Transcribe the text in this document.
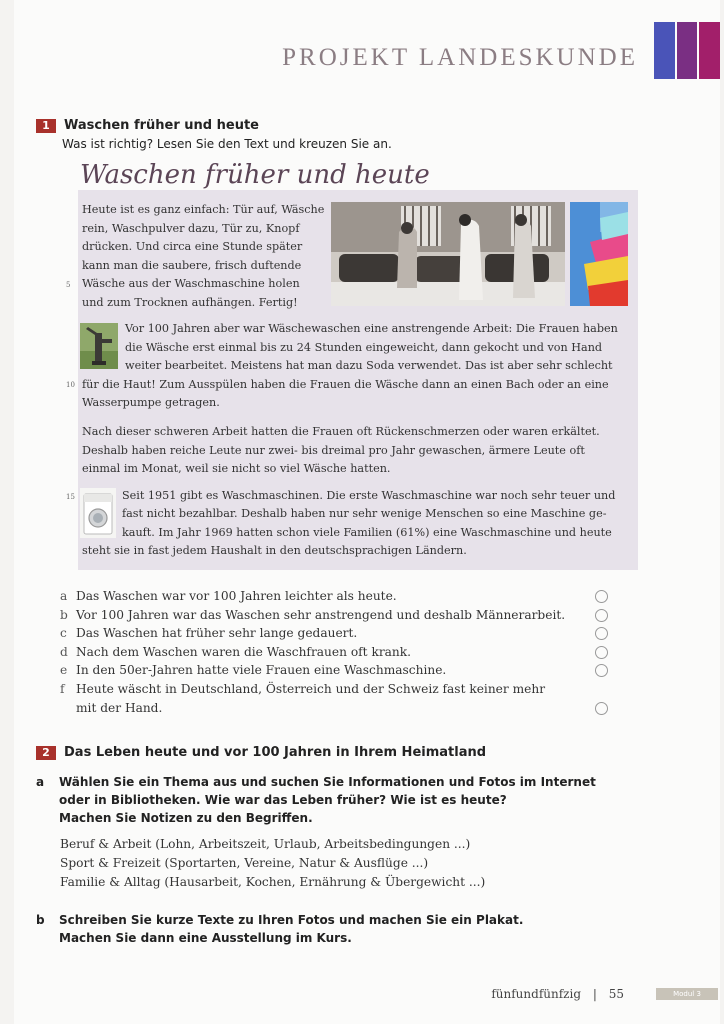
PROJEKT LANDESKUNDE
1	Waschen früher und heute
Was ist richtig? Lesen Sie den Text und kreuzen Sie an.
Waschen früher und heute
Heute ist es ganz einfach: Tür auf, Wäsche
rein, Waschpulver dazu, Tür zu, Knopf
drücken. Und circa eine Stunde später
kann man die saubere, frisch duftende
Wäsche aus der Waschmaschine holen
und zum Trocknen aufhängen. Fertig!
5
Vor 100 Jahren aber war Wäschewaschen eine anstrengende Arbeit: Die Frauen haben
die Wäsche erst einmal bis zu 24 Stunden eingeweicht, dann gekocht und von Hand
weiter bearbeitet. Meistens hat man dazu Soda verwendet. Das ist aber sehr schlecht
für die Haut! Zum Ausspülen haben die Frauen die Wäsche dann an einen Bach oder an eine
Wasserpumpe getragen.
10
Nach dieser schweren Arbeit hatten die Frauen oft Rückenschmerzen oder waren erkältet.
Deshalb haben reiche Leute nur zwei- bis dreimal pro Jahr gewaschen, ärmere Leute oft
einmal im Monat, weil sie nicht so viel Wäsche hatten.
Seit 1951 gibt es Waschmaschinen. Die erste Waschmaschine war noch sehr teuer und
fast nicht bezahlbar. Deshalb haben nur sehr wenige Menschen so eine Maschine ge-
kauft. Im Jahr 1969 hatten schon viele Familien (61%) eine Waschmaschine und heute
steht sie in fast jedem Haushalt in den deutschsprachigen Ländern.
15
a Das Waschen war vor 100 Jahren leichter als heute.
b Vor 100 Jahren war das Waschen sehr anstrengend und deshalb Männerarbeit.
c Das Waschen hat früher sehr lange gedauert.
d Nach dem Waschen waren die Waschfrauen oft krank.
e In den 50er-Jahren hatte viele Frauen eine Waschmaschine.
f Heute wäscht in Deutschland, Österreich und der Schweiz fast keiner mehr
mit der Hand.
2	Das Leben heute und vor 100 Jahren in Ihrem Heimatland
a Wählen Sie ein Thema aus und suchen Sie Informationen und Fotos im Internet
oder in Bibliotheken. Wie war das Leben früher? Wie ist es heute?
Machen Sie Notizen zu den Begriffen.
Beruf & Arbeit (Lohn, Arbeitszeit, Urlaub, Arbeitsbedingungen ...)
Sport & Freizeit (Sportarten, Vereine, Natur & Ausflüge ...)
Familie & Alltag (Hausarbeit, Kochen, Ernährung & Übergewicht ...)
b Schreiben Sie kurze Texte zu Ihren Fotos und machen Sie ein Plakat.
Machen Sie dann eine Ausstellung im Kurs.
fünfundfünfzig | 55	Modul 3
